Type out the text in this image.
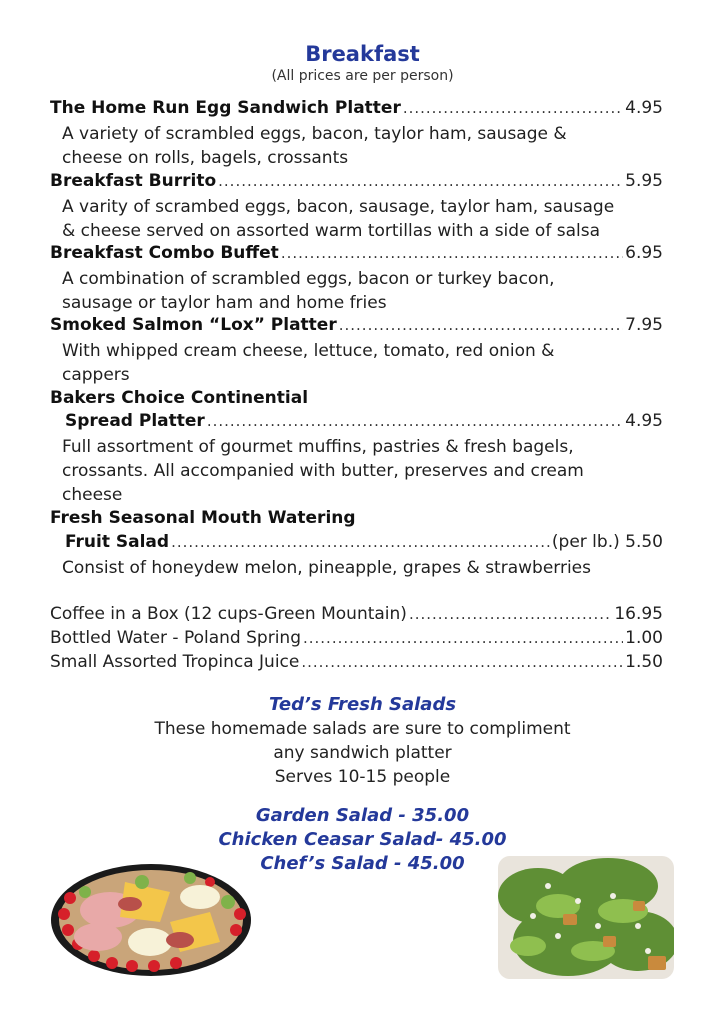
Breakfast
(All prices are per person)
The Home Run Egg Sandwich Platter .....	4.95
A variety of scrambled eggs, bacon, taylor ham, sausage &
cheese on rolls, bagels, crossants
Breakfast Burrito .....	5.95
A varity of scrambed eggs, bacon, sausage, taylor ham, sausage
& cheese served on assorted warm tortillas with a side of salsa
Breakfast Combo Buffet .....	6.95
A combination of scrambled eggs, bacon or turkey bacon,
sausage or taylor ham and home fries
Smoked Salmon “Lox” Platter .....	7.95
With whipped cream cheese, lettuce, tomato, red onion &
cappers
Bakers Choice Continential
Spread Platter .....	4.95
Full assortment of gourmet muffins, pastries & fresh bagels,
crossants. All accompanied with butter, preserves and cream
cheese
Fresh Seasonal Mouth Watering
Fruit Salad .....	(per lb.) 5.50
Consist of honeydew melon, pineapple, grapes & strawberries
Coffee in a Box (12 cups-Green Mountain) .....	16.95
Bottled Water - Poland Spring .....	1.00
Small Assorted Tropinca Juice .....	1.50
Ted’s Fresh Salads
These homemade salads are sure to compliment
any sandwich platter
Serves 10-15 people
Garden Salad - 35.00
Chicken Ceasar Salad- 45.00
Chef’s Salad - 45.00
